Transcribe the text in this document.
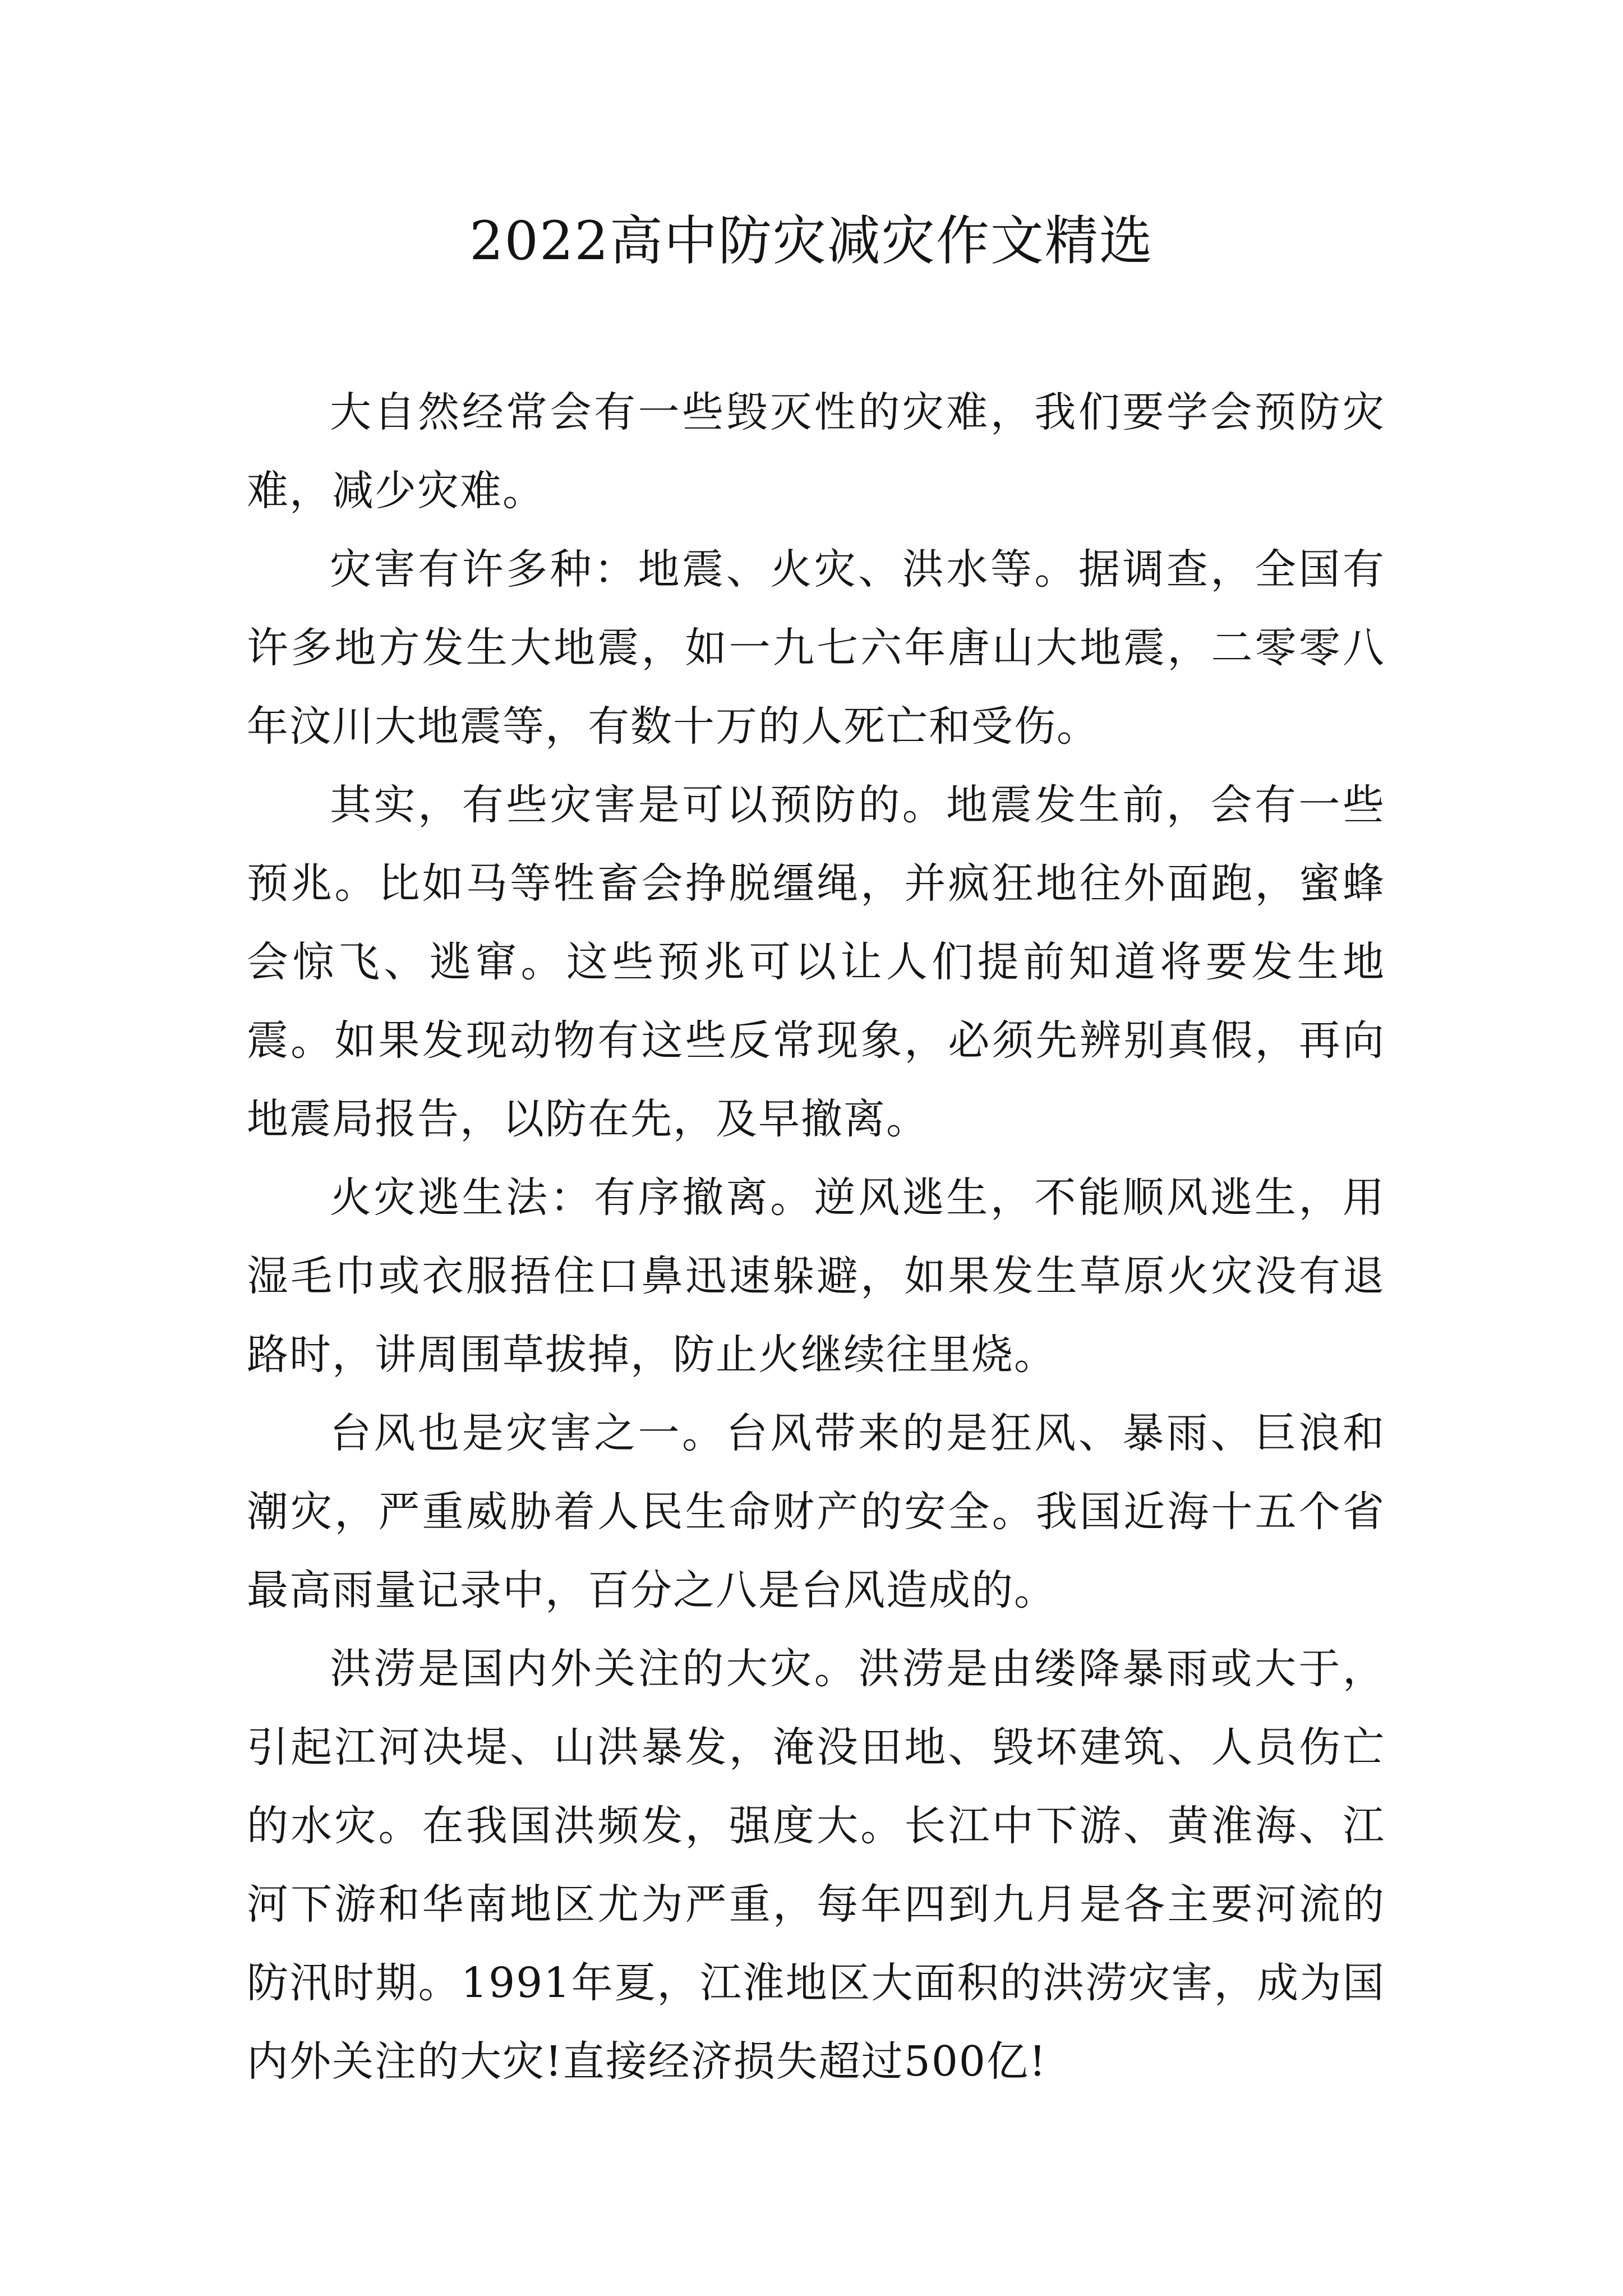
2022高中防灾减灾作文精选

大自然经常会有一些毁灭性的灾难，我们要学会预防灾难，减少灾难。

灾害有许多种：地震、火灾、洪水等。据调查，全国有许多地方发生大地震，如一九七六年唐山大地震，二零零八年汶川大地震等，有数十万的人死亡和受伤。

其实，有些灾害是可以预防的。地震发生前，会有一些预兆。比如马等牲畜会挣脱缰绳，并疯狂地往外面跑，蜜蜂会惊飞、逃窜。这些预兆可以让人们提前知道将要发生地震。如果发现动物有这些反常现象，必须先辨别真假，再向地震局报告，以防在先，及早撤离。

火灾逃生法：有序撤离。逆风逃生，不能顺风逃生，用湿毛巾或衣服捂住口鼻迅速躲避，如果发生草原火灾没有退路时，讲周围草拔掉，防止火继续往里烧。

台风也是灾害之一。台风带来的是狂风、暴雨、巨浪和潮灾，严重威胁着人民生命财产的安全。我国近海十五个省最高雨量记录中，百分之八是台风造成的。

洪涝是国内外关注的大灾。洪涝是由缕降暴雨或大于，引起江河决堤、山洪暴发，淹没田地、毁坏建筑、人员伤亡的水灾。在我国洪频发，强度大。长江中下游、黄淮海、江河下游和华南地区尤为严重，每年四到九月是各主要河流的防汛时期。1991年夏，江淮地区大面积的洪涝灾害，成为国内外关注的大灾!直接经济损失超过500亿!
